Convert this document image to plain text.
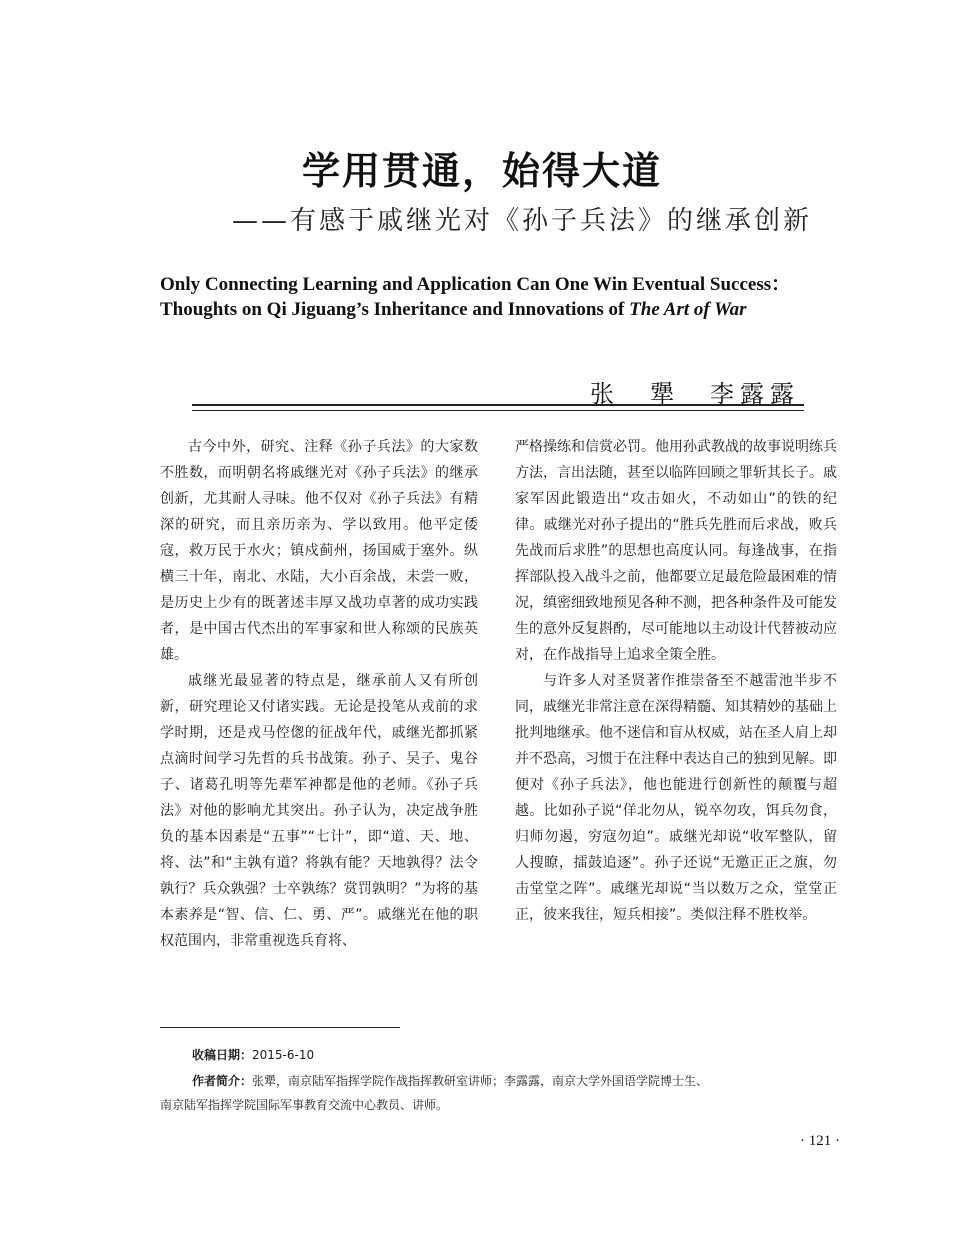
学用贯通，始得大道
——有感于戚继光对《孙子兵法》的继承创新
Only Connecting Learning and Application Can One Win Eventual Success：
Thoughts on Qi Jiguang’s Inheritance and Innovations of The Art of War
张　犟　李露露

古今中外，研究、注释《孙子兵法》的大家数不胜数，而明朝名将戚继光对《孙子兵法》的继承创新，尤其耐人寻味。他不仅对《孙子兵法》有精深的研究，而且亲历亲为、学以致用。他平定倭寇，救万民于水火；镇戍蓟州，扬国威于塞外。纵横三十年，南北、水陆，大小百余战，未尝一败，是历史上少有的既著述丰厚又战功卓著的成功实践者，是中国古代杰出的军事家和世人称颂的民族英雄。

戚继光最显著的特点是，继承前人又有所创新，研究理论又付诸实践。无论是投笔从戎前的求学时期，还是戎马倥偬的征战年代，戚继光都抓紧点滴时间学习先哲的兵书战策。孙子、吴子、鬼谷子、诸葛孔明等先辈军神都是他的老师。《孙子兵法》对他的影响尤其突出。孙子认为，决定战争胜负的基本因素是“五事”“七计”，即“道、天、地、将、法”和“主孰有道？将孰有能？天地孰得？法令孰行？兵众孰强？士卒孰练？赏罚孰明？”为将的基本素养是“智、信、仁、勇、严”。戚继光在他的职权范围内，非常重视选兵育将、

严格操练和信赏必罚。他用孙武教战的故事说明练兵方法，言出法随，甚至以临阵回顾之罪斩其长子。戚家军因此锻造出“攻击如火，不动如山”的铁的纪律。戚继光对孙子提出的“胜兵先胜而后求战，败兵先战而后求胜”的思想也高度认同。每逢战事，在指挥部队投入战斗之前，他都要立足最危险最困难的情况，缜密细致地预见各种不测，把各种条件及可能发生的意外反复斟酌，尽可能地以主动设计代替被动应对，在作战指导上追求全策全胜。

与许多人对圣贤著作推崇备至不越雷池半步不同，戚继光非常注意在深得精髓、知其精妙的基础上批判地继承。他不迷信和盲从权威，站在圣人肩上却并不恐高，习惯于在注释中表达自己的独到见解。即便对《孙子兵法》，他也能进行创新性的颠覆与超越。比如孙子说“佯北勿从，锐卒勿攻，饵兵勿食，归师勿遏，穷寇勿迫”。戚继光却说“收军整队，留人搜瞭，擂鼓追逐”。孙子还说“无邀正正之旗，勿击堂堂之阵”。戚继光却说“当以数万之众，堂堂正正，彼来我往，短兵相接”。类似注释不胜枚举。

收稿日期：2015-6-10
作者简介：张犟，南京陆军指挥学院作战指挥教研室讲师；李露露，南京大学外国语学院博士生、
南京陆军指挥学院国际军事教育交流中心教员、讲师。
· 121 ·
